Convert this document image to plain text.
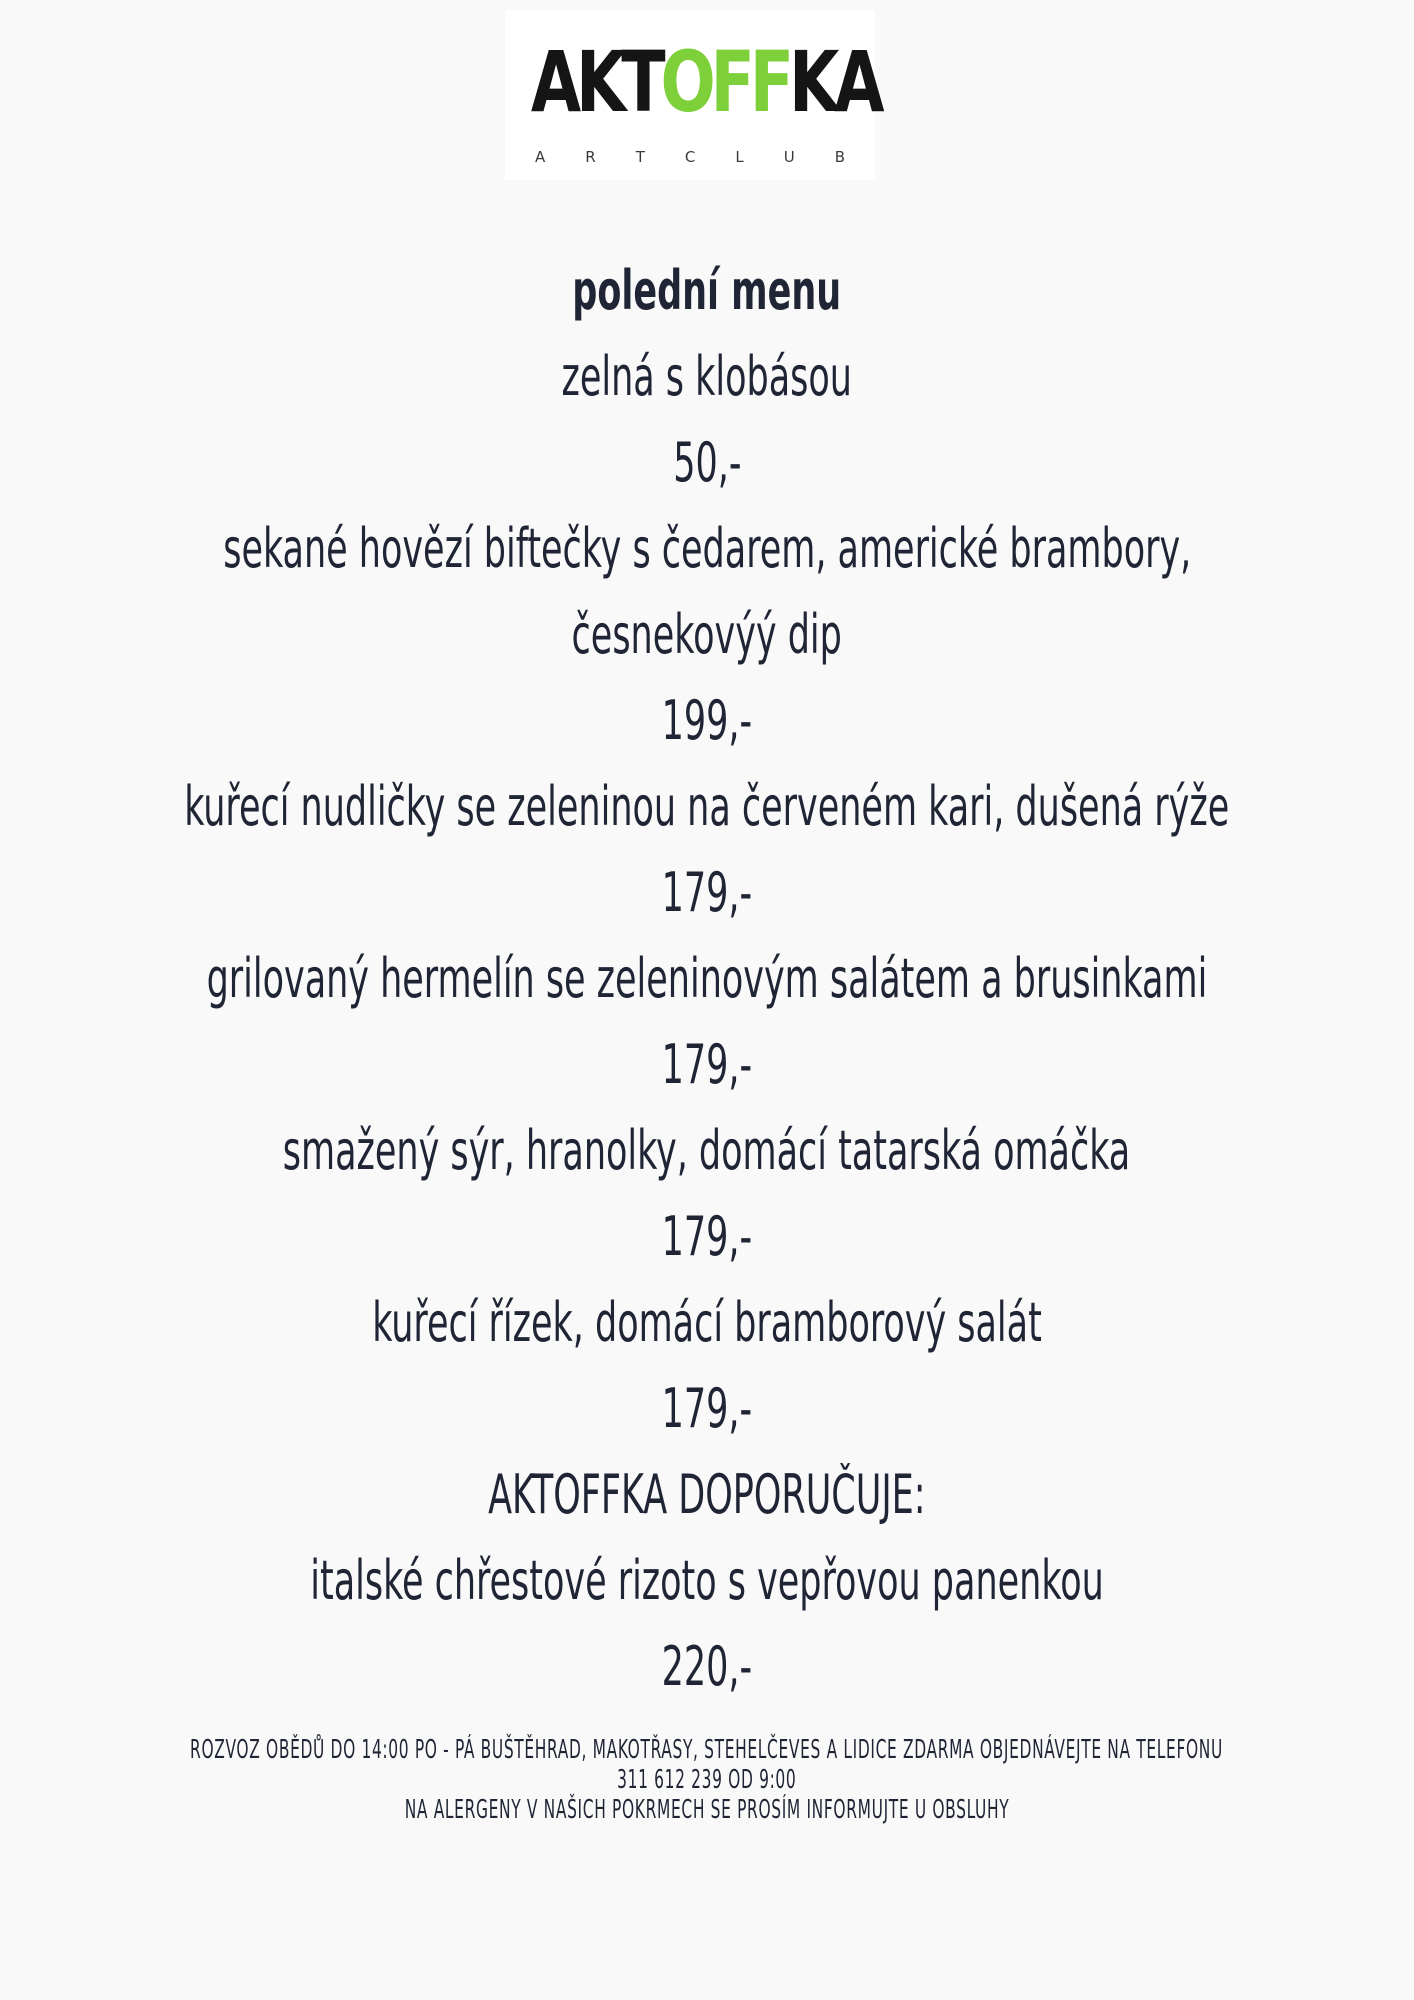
AKTOFFKA
A	R	T	C	L	U	B
polední menu
zelná s klobásou
50,-
sekané hovězí biftečky s čedarem, americké brambory,
česnekovýý dip
199,-
kuřecí nudličky se zeleninou na červeném kari, dušená rýže
179,-
grilovaný hermelín se zeleninovým salátem a brusinkami
179,-
smažený sýr, hranolky, domácí tatarská omáčka
179,-
kuřecí řízek, domácí bramborový salát
179,-
AKTOFFKA DOPORUČUJE:
italské chřestové rizoto s vepřovou panenkou
220,-
ROZVOZ OBĚDŮ DO 14:00 PO - PÁ BUŠTĚHRAD, MAKOTŘASY, STEHELČEVES A LIDICE ZDARMA OBJEDNÁVEJTE NA TELEFONU
311 612 239 OD 9:00
NA ALERGENY V NAŠICH POKRMECH SE PROSÍM INFORMUJTE U OBSLUHY
